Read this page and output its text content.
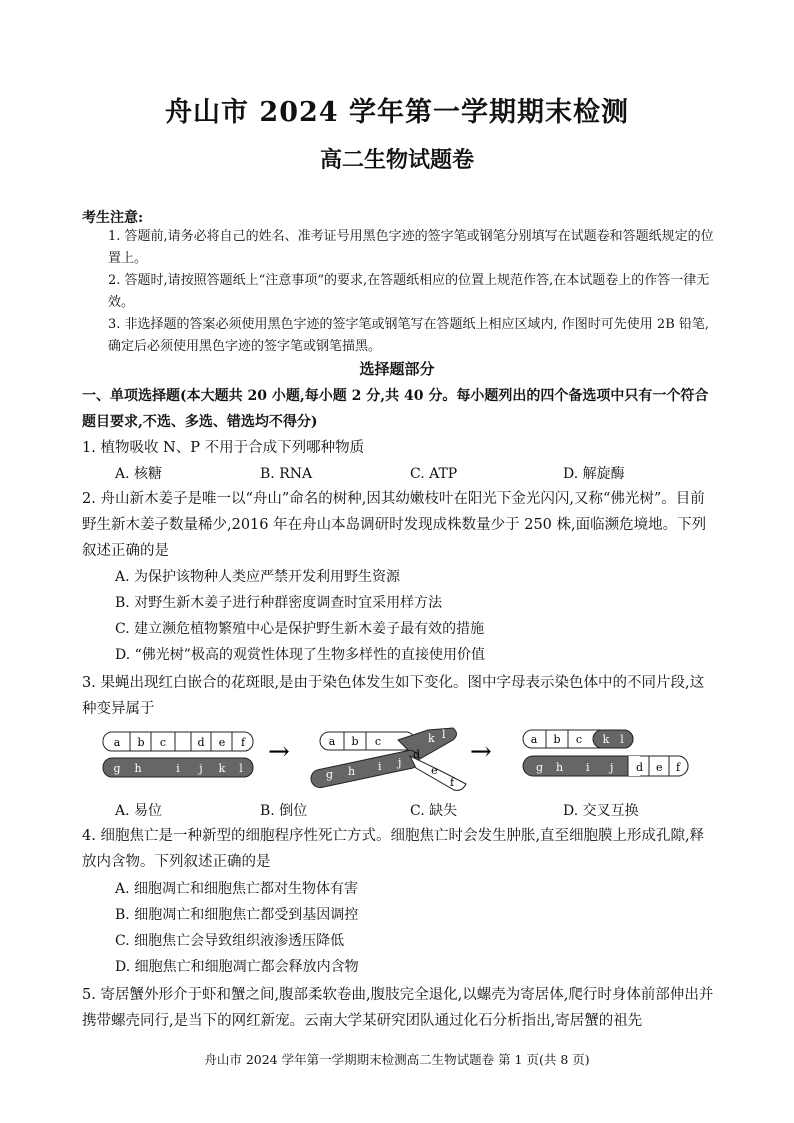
舟山市 2024 学年第一学期期末检测
高二生物试题卷
考生注意:
1. 答题前,请务必将自己的姓名、准考证号用黑色字迹的签字笔或钢笔分别填写在试题卷和答题纸规定的位置上。
2. 答题时,请按照答题纸上“注意事项”的要求,在答题纸相应的位置上规范作答,在本试题卷上的作答一律无效。
3. 非选择题的答案必须使用黑色字迹的签字笔或钢笔写在答题纸上相应区域内, 作图时可先使用 2B 铅笔, 确定后必须使用黑色字迹的签字笔或钢笔描黑。
选择题部分
一、单项选择题(本大题共 20 小题,每小题 2 分,共 40 分。每小题列出的四个备选项中只有一个符合题目要求,不选、多选、错选均不得分)
1. 植物吸收 N、P 不用于合成下列哪种物质
A. 核糖	B. RNA	C. ATP	D. 解旋酶
2. 舟山新木姜子是唯一以“舟山”命名的树种,因其幼嫩枝叶在阳光下金光闪闪,又称“佛光树”。目前野生新木姜子数量稀少,2016 年在舟山本岛调研时发现成株数量少于 250 株,面临濒危境地。下列叙述正确的是
A. 为保护该物种人类应严禁开发利用野生资源
B. 对野生新木姜子进行种群密度调查时宜采用样方法
C. 建立濒危植物繁殖中心是保护野生新木姜子最有效的措施
D. “佛光树”极高的观赏性体现了生物多样性的直接使用价值
3. 果蝇出现红白嵌合的花斑眼,是由于染色体发生如下变化。图中字母表示染色体中的不同片段,这种变异属于
a b c	d e f
g h	i j k l
→	a b c	k l
g h i j
d
e
f
→	a b c k l
g h i j d e f
A. 易位	B. 倒位	C. 缺失	D. 交叉互换
4. 细胞焦亡是一种新型的细胞程序性死亡方式。细胞焦亡时会发生肿胀,直至细胞膜上形成孔隙,释放内含物。下列叙述正确的是
A. 细胞凋亡和细胞焦亡都对生物体有害
B. 细胞凋亡和细胞焦亡都受到基因调控
C. 细胞焦亡会导致组织液渗透压降低
D. 细胞焦亡和细胞凋亡都会释放内含物
5. 寄居蟹外形介于虾和蟹之间,腹部柔软卷曲,腹肢完全退化,以螺壳为寄居体,爬行时身体前部伸出并携带螺壳同行,是当下的网红新宠。云南大学某研究团队通过化石分析指出,寄居蟹的祖先
舟山市 2024 学年第一学期期末检测高二生物试题卷 第 1 页(共 8 页)
